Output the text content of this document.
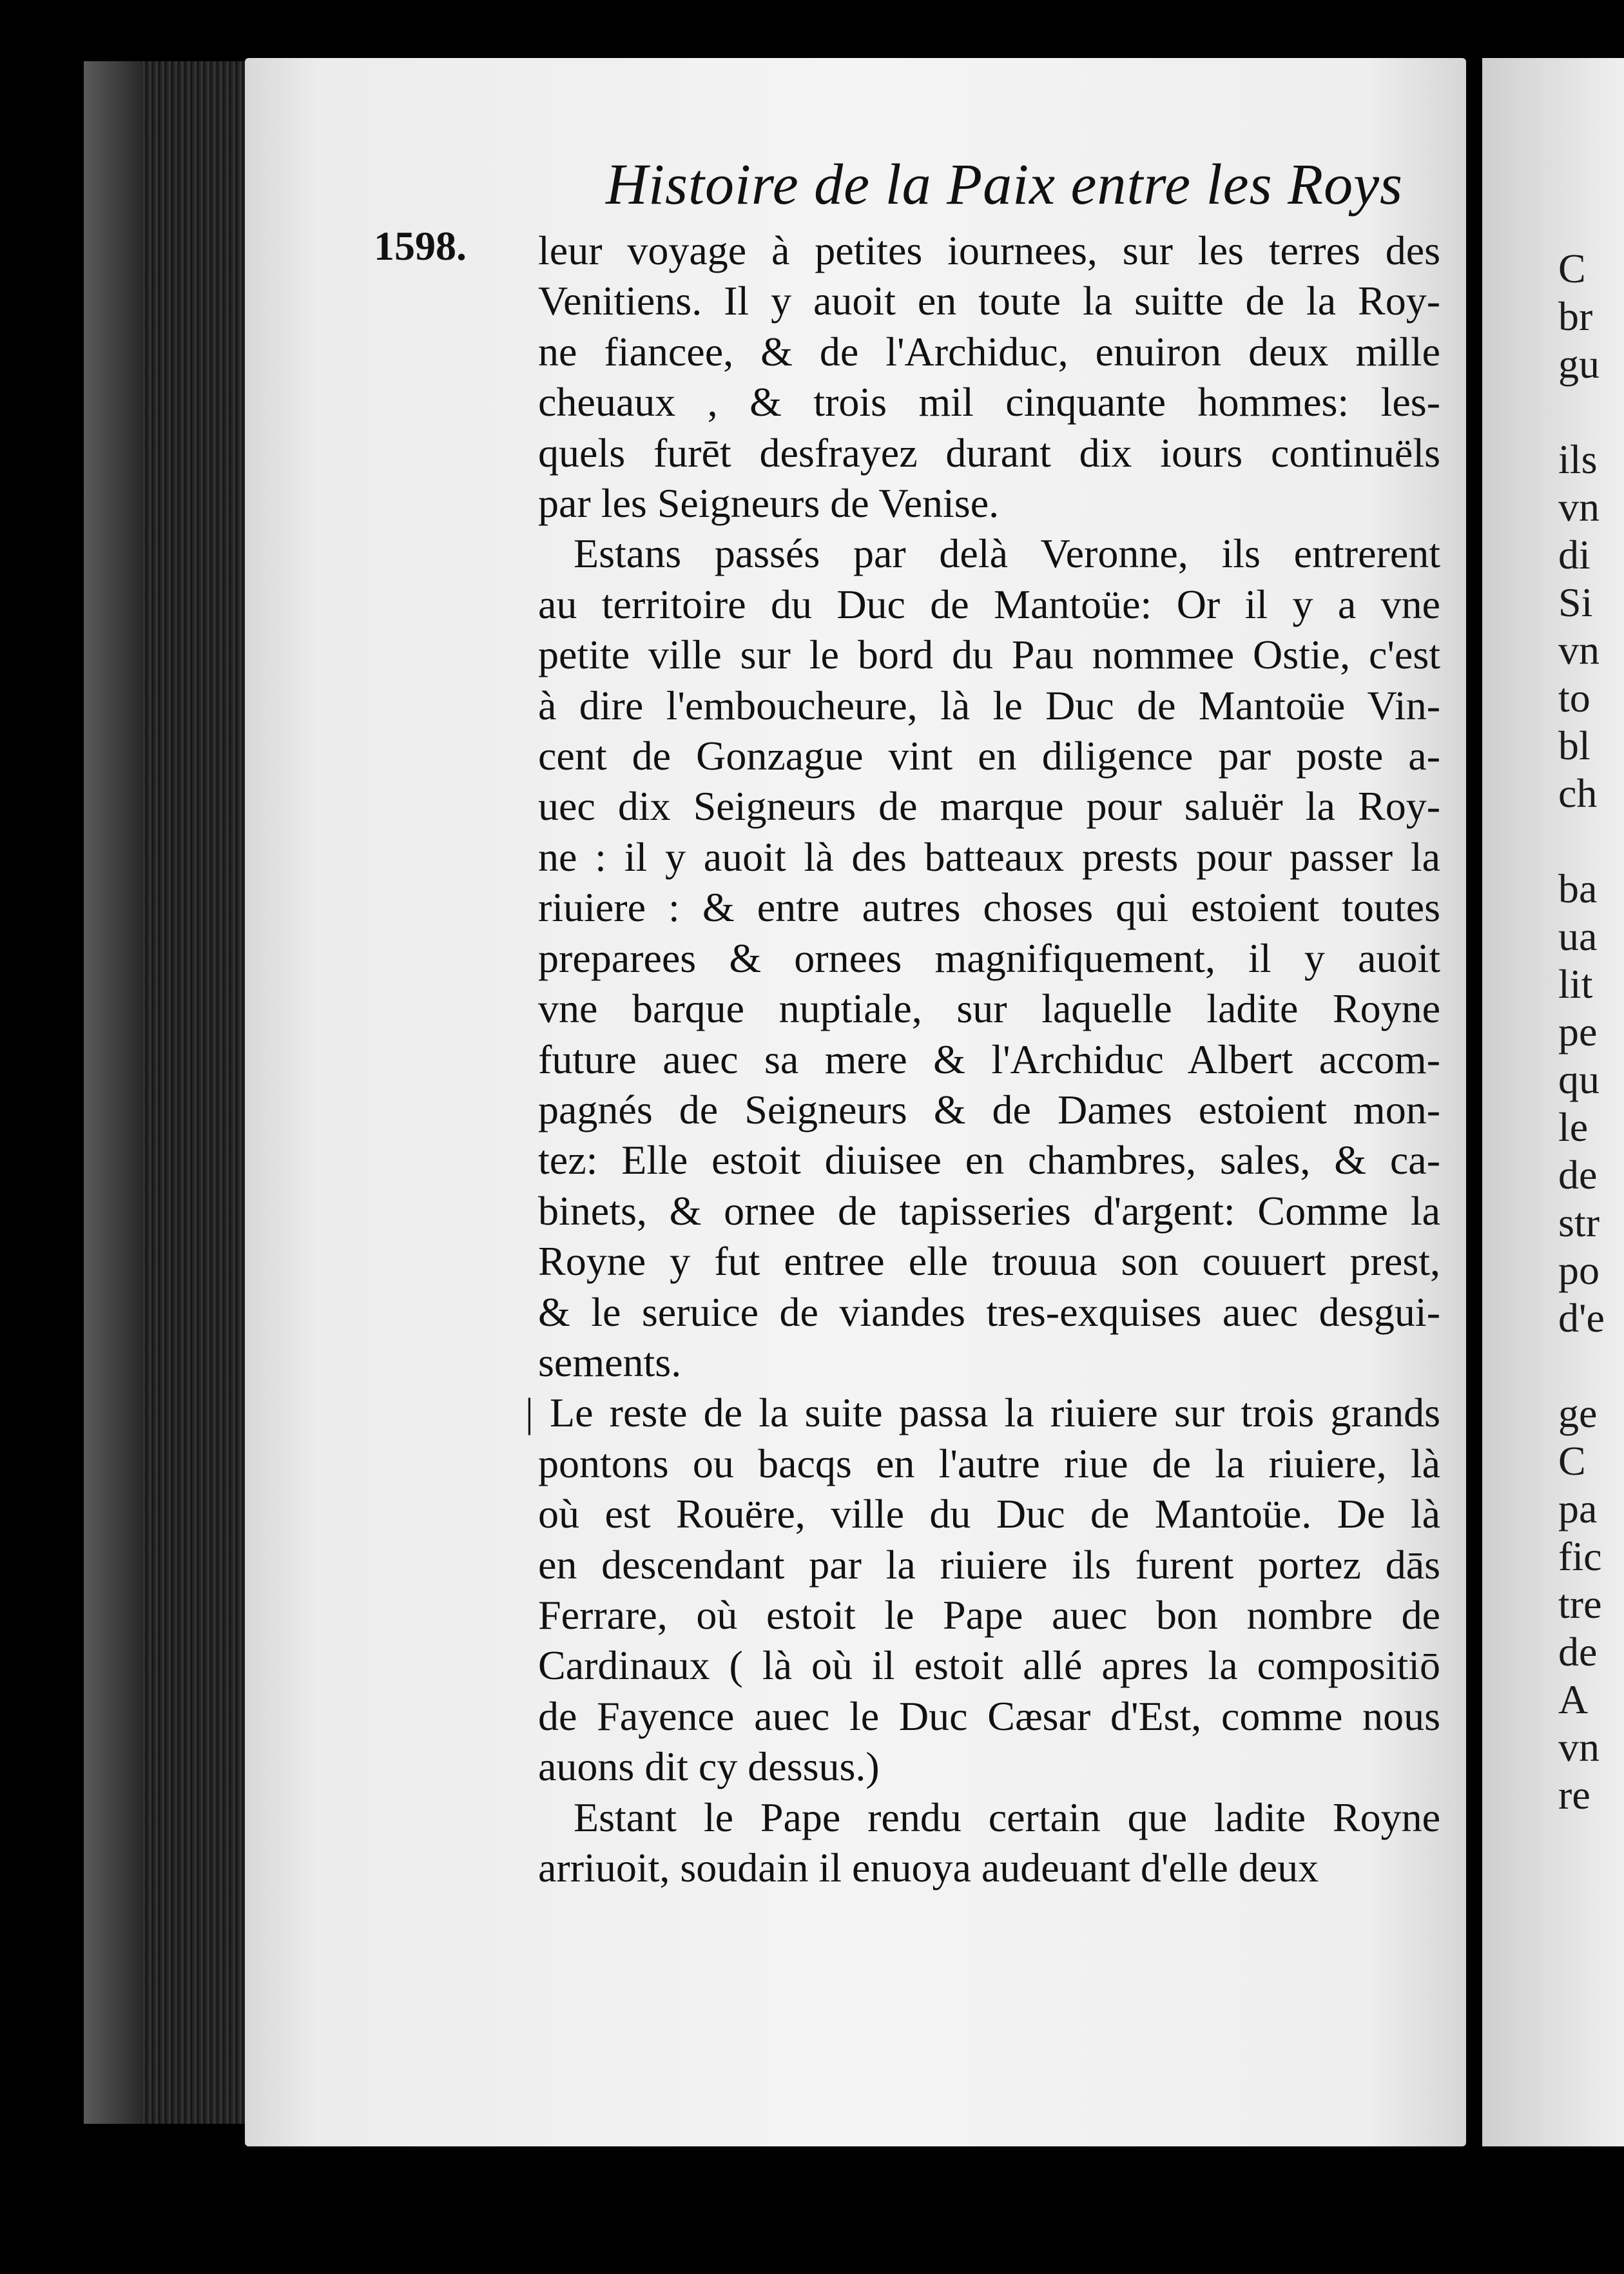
C
br
gu

ils
vn
di
Si
vn
to
bl
ch

ba
ua
lit
pe
qu
le
de
str
po
d'e

ge
C
pa
fic
tre
de
A
vn
re
Histoire de la Paix entre les Roys
1598. leur voyage à petites iournees, sur les terres des
Venitiens. Il y auoit en toute la suitte de la Roy-
ne fiancee, & de l'Archiduc, enuiron deux mille
cheuaux , & trois mil cinquante hommes: les-
quels furēt desfrayez durant dix iours continuëls
par les Seigneurs de Venise.
Estans passés par delà Veronne, ils entrerent
au territoire du Duc de Mantoüe: Or il y a vne
petite ville sur le bord du Pau nommee Ostie, c'est
à dire l'emboucheure, là le Duc de Mantoüe Vin-
cent de Gonzague vint en diligence par poste a-
uec dix Seigneurs de marque pour saluër la Roy-
ne : il y auoit là des batteaux prests pour passer la
riuiere : & entre autres choses qui estoient toutes
preparees & ornees magnifiquement, il y auoit
vne barque nuptiale, sur laquelle ladite Royne
future auec sa mere & l'Archiduc Albert accom-
pagnés de Seigneurs & de Dames estoient mon-
tez: Elle estoit diuisee en chambres, sales, & ca-
binets, & ornee de tapisseries d'argent: Comme la
Royne y fut entree elle trouua son couuert prest,
& le seruice de viandes tres-exquises auec desgui-
sements.
| Le reste de la suite passa la riuiere sur trois grands
pontons ou bacqs en l'autre riue de la riuiere, là
où est Rouëre, ville du Duc de Mantoüe. De là
en descendant par la riuiere ils furent portez dās
Ferrare, où estoit le Pape auec bon nombre de
Cardinaux ( là où il estoit allé apres la compositiō
de Fayence auec le Duc Cæsar d'Est, comme nous
auons dit cy dessus.)
Estant le Pape rendu certain que ladite Royne
arriuoit, soudain il enuoya audeuant d'elle deux
